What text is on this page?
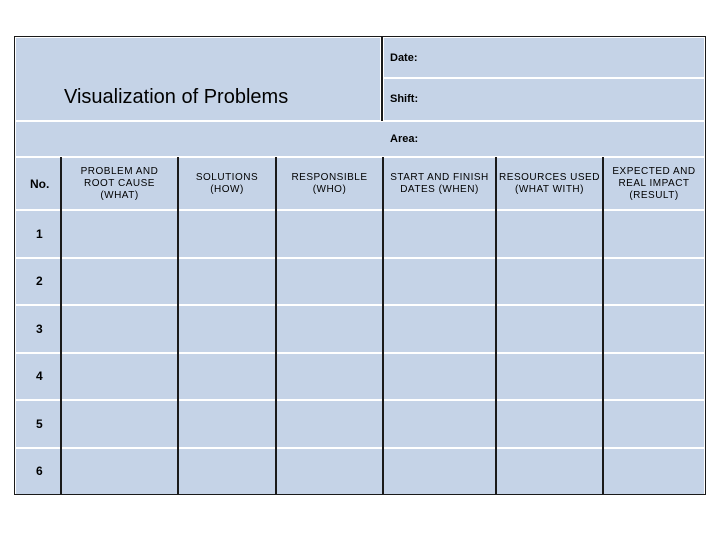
Visualization of Problems
Date:
Shift:
Area:
No.
PROBLEM AND
ROOT CAUSE
(WHAT)
SOLUTIONS
(HOW)
RESPONSIBLE
(WHO)
START AND FINISH
DATES (WHEN)
RESOURCES USED
(WHAT WITH)
EXPECTED AND
REAL IMPACT
(RESULT)
1
2
3
4
5
6
